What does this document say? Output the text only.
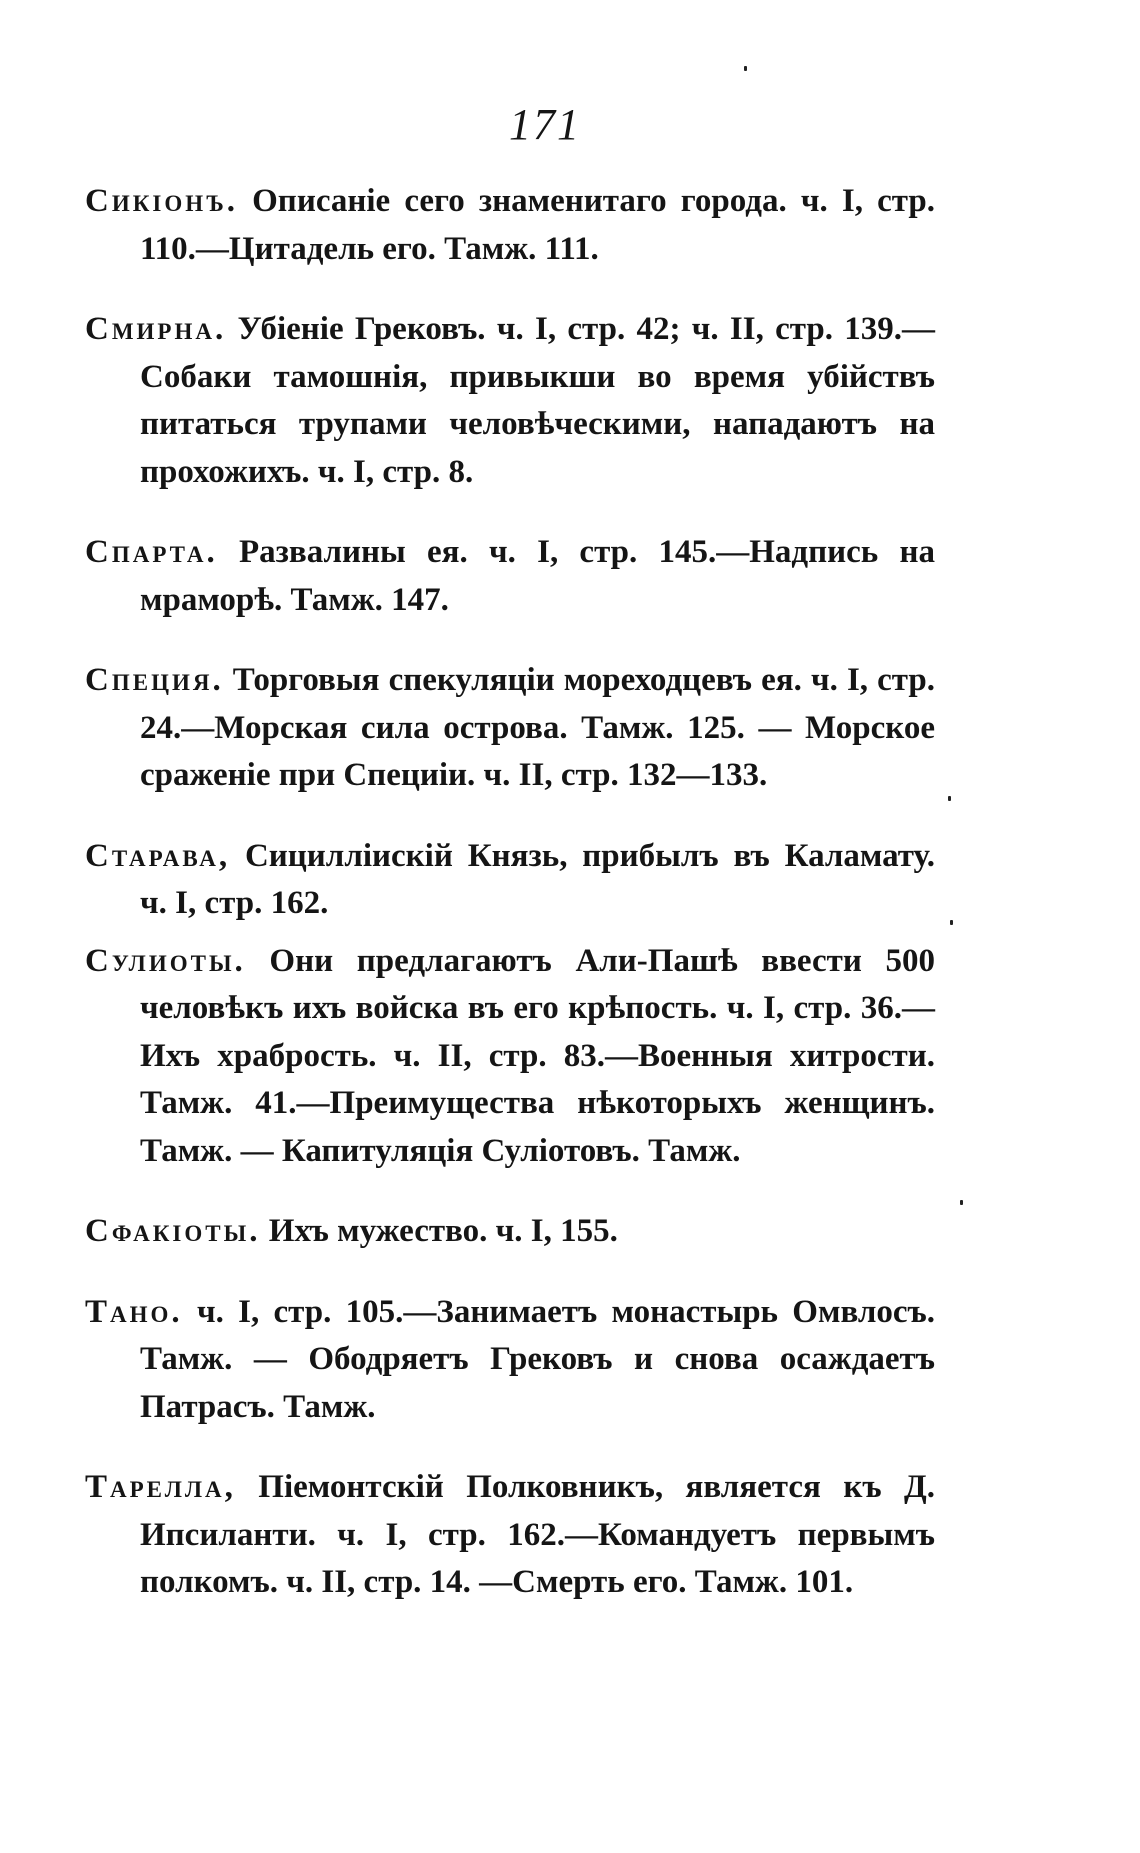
171

Сикіонъ. Описаніе сего знаменитаго города. ч. I, стр. 110.—Цитадель его. Тамж. 111.

Смирна. Убіеніе Грековъ. ч. I, стр. 42; ч. II, стр. 139.—Собаки тамошнія, привыкши во время убійствъ питаться трупами человѣческими, нападаютъ на прохожихъ. ч. I, стр. 8.

Спарта. Развалины ея. ч. I, стр. 145.—Надпись на мраморѣ. Тамж. 147.

Специя. Торговыя спекуляціи мореходцевъ ея. ч. I, стр. 24.—Морская сила острова. Тамж. 125. — Морское сраженіе при Специіи. ч. II, стр. 132—133.

Старава, Сицилліискій Князь, прибылъ въ Каламату. ч. I, стр. 162.

Сулиоты. Они предлагаютъ Али-Пашѣ ввести 500 человѣкъ ихъ войска въ его крѣпость. ч. I, стр. 36.—Ихъ храбрость. ч. II, стр. 83.—Военныя хитрости. Тамж. 41.—Преимущества нѣкоторыхъ женщинъ. Тамж. — Капитуляція Суліотовъ. Тамж.

Сфакіоты. Ихъ мужество. ч. I, 155.

Тано. ч. I, стр. 105.—Занимаетъ монастырь Омвлосъ. Тамж. — Ободряетъ Грековъ и снова осаждаетъ Патрасъ. Тамж.

Тарелла, Піемонтскій Полковникъ, является къ Д. Ипсиланти. ч. I, стр. 162.—Командуетъ первымъ полкомъ. ч. II, стр. 14. —Смерть его. Тамж. 101.
